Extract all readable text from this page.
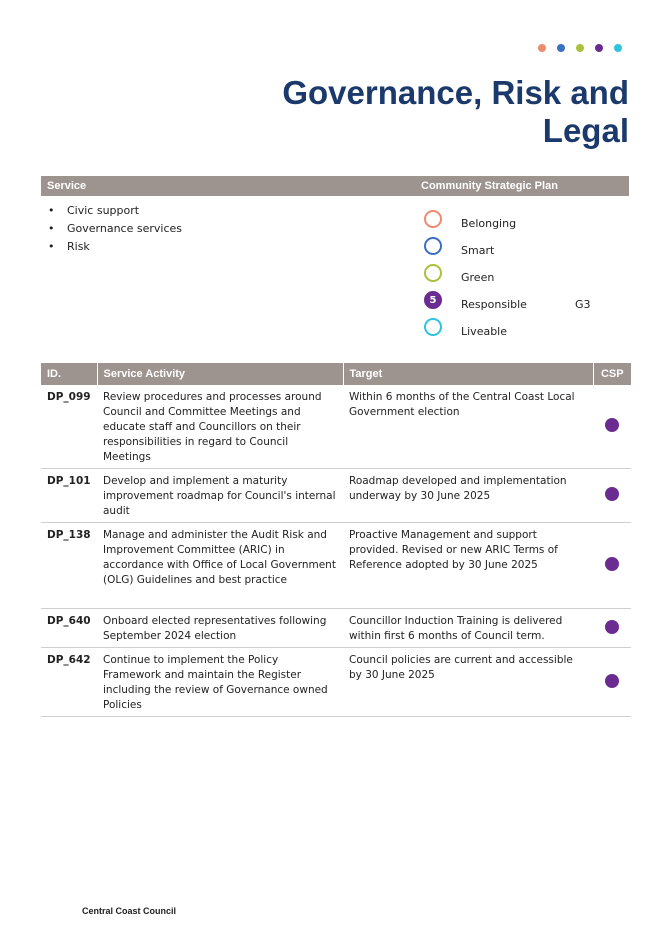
Governance, Risk and
Legal
Service	Community Strategic Plan
• Civic support
• Governance services
• Risk
Belonging
Smart
Green
5	Responsible	G3
Liveable
ID.	Service Activity	Target	CSP
DP_099	Review procedures and processes around Council and Committee Meetings and educate staff and Councillors on their responsibilities in regard to Council Meetings	Within 6 months of the Central Coast Local Government election	
DP_101	Develop and implement a maturity improvement roadmap for Council's internal audit	Roadmap developed and implementation underway by 30 June 2025	
DP_138	Manage and administer the Audit Risk and Improvement Committee (ARIC) in accordance with Office of Local Government (OLG) Guidelines and best practice	Proactive Management and support provided. Revised or new ARIC Terms of Reference adopted by 30 June 2025	
DP_640	Onboard elected representatives following September 2024 election	Councillor Induction Training is delivered within first 6 months of Council term.	
DP_642	Continue to implement the Policy Framework and maintain the Register including the review of Governance owned Policies	Council policies are current and accessible by 30 June 2025	
Central Coast Council
